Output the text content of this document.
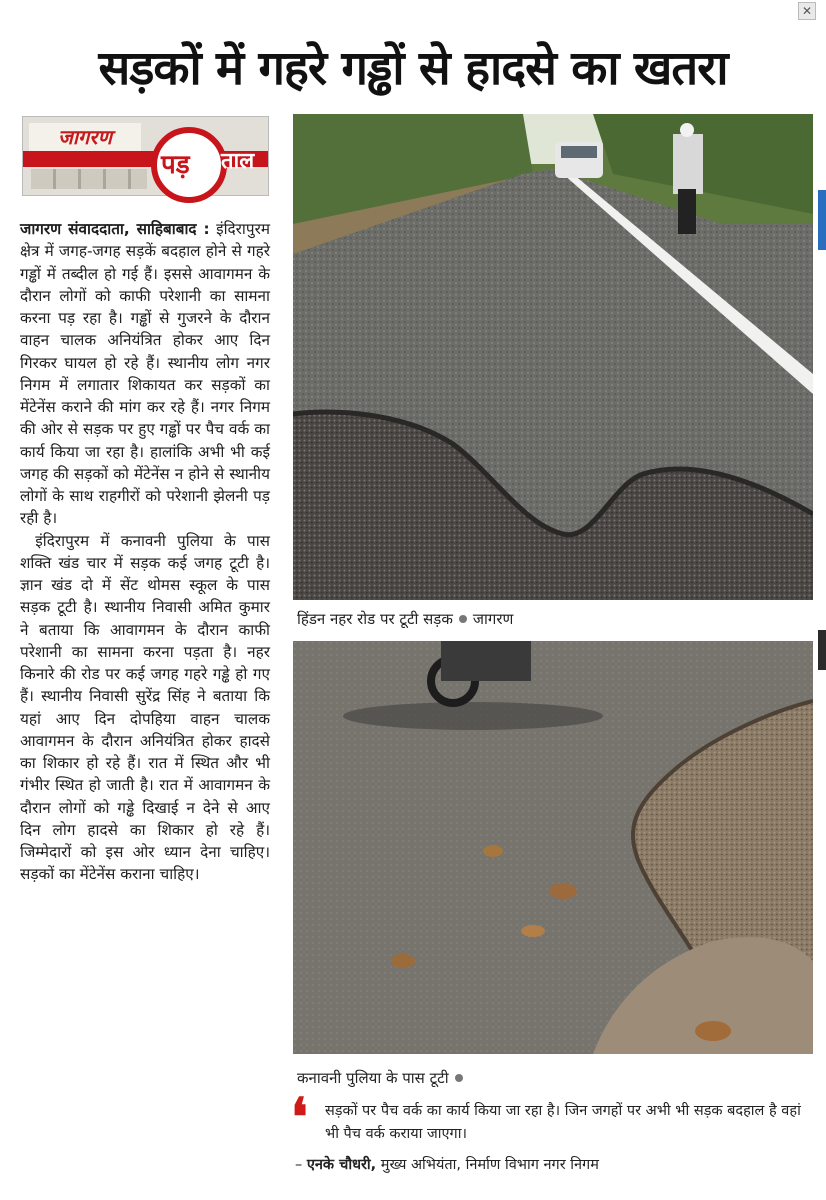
✕
सड़कों में गहरे गड्ढों से हादसे का खतरा
जागरण
पड़ ताल

जागरण संवाददाता, साहिबाबाद : इंदिरापुरम क्षेत्र में जगह-जगह सड़कें बदहाल होने से गहरे गड्ढों में तब्दील हो गई हैं। इससे आवागमन के दौरान लोगों को काफी परेशानी का सामना करना पड़ रहा है। गड्ढों से गुजरने के दौरान वाहन चालक अनियंत्रित होकर आए दिन गिरकर घायल हो रहे हैं। स्थानीय लोग नगर निगम में लगातार शिकायत कर सड़कों का मेंटेनेंस कराने की मांग कर रहे हैं। नगर निगम की ओर से सड़क पर हुए गड्ढों पर पैच वर्क का कार्य किया जा रहा है। हालांकि अभी भी कई जगह की सड़कों को मेंटेनेंस न होने से स्थानीय लोगों के साथ राहगीरों को परेशानी झेलनी पड़ रही है।

इंदिरापुरम में कनावनी पुलिया के पास शक्ति खंड चार में सड़क कई जगह टूटी है। ज्ञान खंड दो में सेंट थोमस स्कूल के पास सड़क टूटी है। स्थानीय निवासी अमित कुमार ने बताया कि आवागमन के दौरान काफी परेशानी का सामना करना पड़ता है। नहर किनारे की रोड पर कई जगह गहरे गड्ढे हो गए हैं। स्थानीय निवासी सुरेंद्र सिंह ने बताया कि यहां आए दिन दोपहिया वाहन चालक आवागमन के दौरान अनियंत्रित होकर हादसे का शिकार हो रहे हैं। रात में स्थित और भी गंभीर स्थित हो जाती है। रात में आवागमन के दौरान लोगों को गड्ढे दिखाई न देने से आए दिन लोग हादसे का शिकार हो रहे हैं। जिम्मेदारों को इस ओर ध्यान देना चाहिए। सड़कों का मेंटेनेंस कराना चाहिए।

हिंडन नहर रोड पर टूटी सड़क जागरण
कनावनी पुलिया के पास टूटी
❛ सड़कों पर पैच वर्क का कार्य किया जा रहा है। जिन जगहों पर अभी भी सड़क बदहाल है वहां भी पैच वर्क कराया जाएगा।
– एनके चौधरी, मुख्य अभियंता, निर्माण विभाग नगर निगम
